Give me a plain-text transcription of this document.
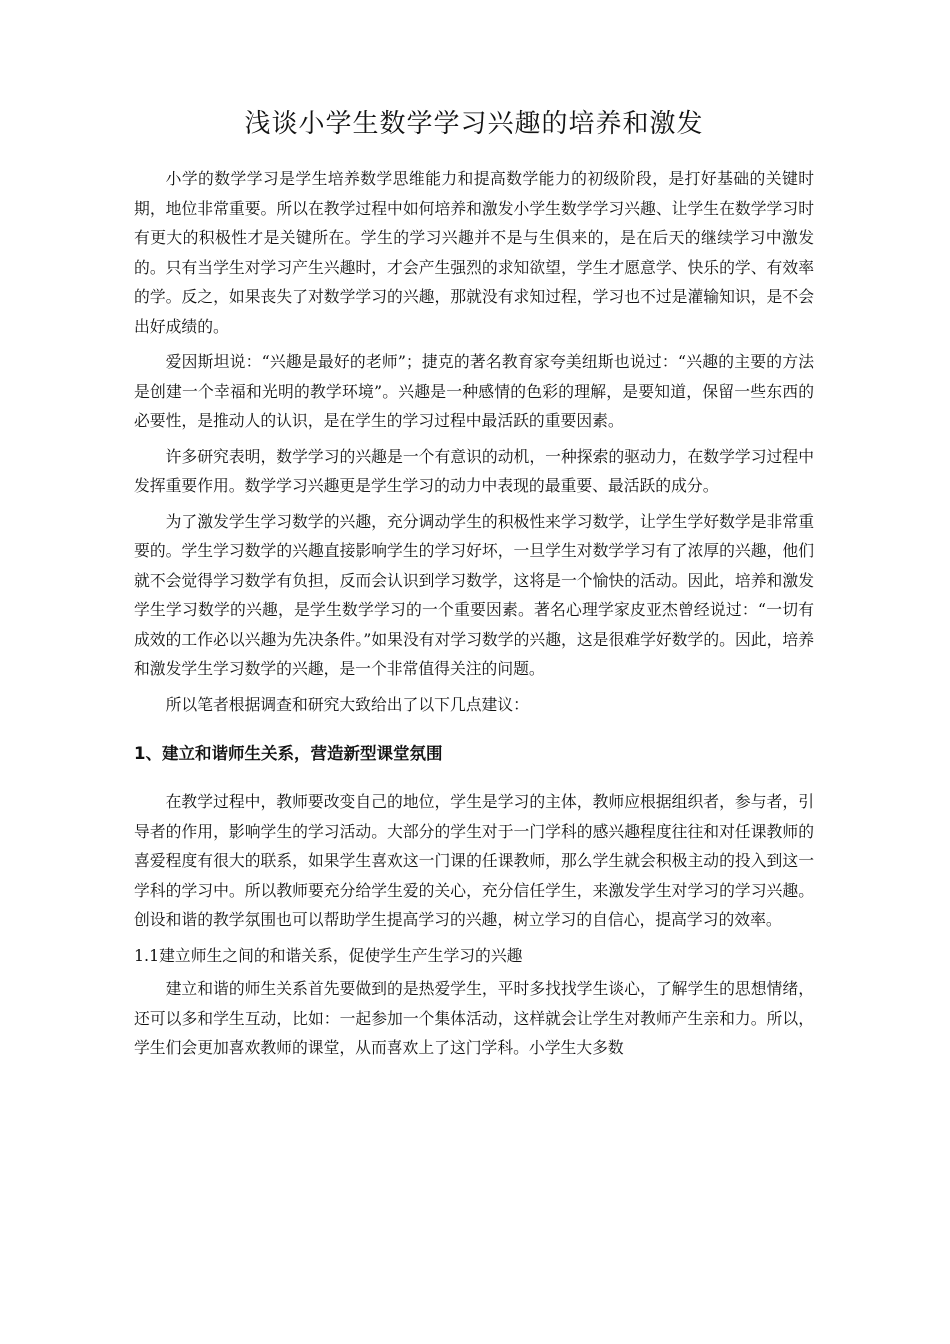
浅谈小学生数学学习兴趣的培养和激发

小学的数学学习是学生培养数学思维能力和提高数学能力的初级阶段，是打好基础的关键时期，地位非常重要。所以在教学过程中如何培养和激发小学生数学学习兴趣、让学生在数学学习时有更大的积极性才是关键所在。学生的学习兴趣并不是与生俱来的，是在后天的继续学习中激发的。只有当学生对学习产生兴趣时，才会产生强烈的求知欲望，学生才愿意学、快乐的学、有效率的学。反之，如果丧失了对数学学习的兴趣，那就没有求知过程，学习也不过是灌输知识，是不会出好成绩的。

爱因斯坦说：“兴趣是最好的老师”；捷克的著名教育家夸美纽斯也说过：“兴趣的主要的方法是创建一个幸福和光明的教学环境”。兴趣是一种感情的色彩的理解，是要知道，保留一些东西的必要性，是推动人的认识，是在学生的学习过程中最活跃的重要因素。

许多研究表明，数学学习的兴趣是一个有意识的动机，一种探索的驱动力，在数学学习过程中发挥重要作用。数学学习兴趣更是学生学习的动力中表现的最重要、最活跃的成分。

为了激发学生学习数学的兴趣，充分调动学生的积极性来学习数学，让学生学好数学是非常重要的。学生学习数学的兴趣直接影响学生的学习好坏，一旦学生对数学学习有了浓厚的兴趣，他们就不会觉得学习数学有负担，反而会认识到学习数学，这将是一个愉快的活动。因此，培养和激发学生学习数学的兴趣，是学生数学学习的一个重要因素。著名心理学家皮亚杰曾经说过：“一切有成效的工作必以兴趣为先决条件。”如果没有对学习数学的兴趣，这是很难学好数学的。因此，培养和激发学生学习数学的兴趣，是一个非常值得关注的问题。

所以笔者根据调查和研究大致给出了以下几点建议：

1、建立和谐师生关系，营造新型课堂氛围

在教学过程中，教师要改变自己的地位，学生是学习的主体，教师应根据组织者，参与者，引导者的作用，影响学生的学习活动。大部分的学生对于一门学科的感兴趣程度往往和对任课教师的喜爱程度有很大的联系，如果学生喜欢这一门课的任课教师，那么学生就会积极主动的投入到这一学科的学习中。所以教师要充分给学生爱的关心，充分信任学生，来激发学生对学习的学习兴趣。创设和谐的教学氛围也可以帮助学生提高学习的兴趣，树立学习的自信心，提高学习的效率。

1.1建立师生之间的和谐关系，促使学生产生学习的兴趣

建立和谐的师生关系首先要做到的是热爱学生，平时多找找学生谈心，了解学生的思想情绪，还可以多和学生互动，比如：一起参加一个集体活动，这样就会让学生对教师产生亲和力。所以，学生们会更加喜欢教师的课堂，从而喜欢上了这门学科。小学生大多数
